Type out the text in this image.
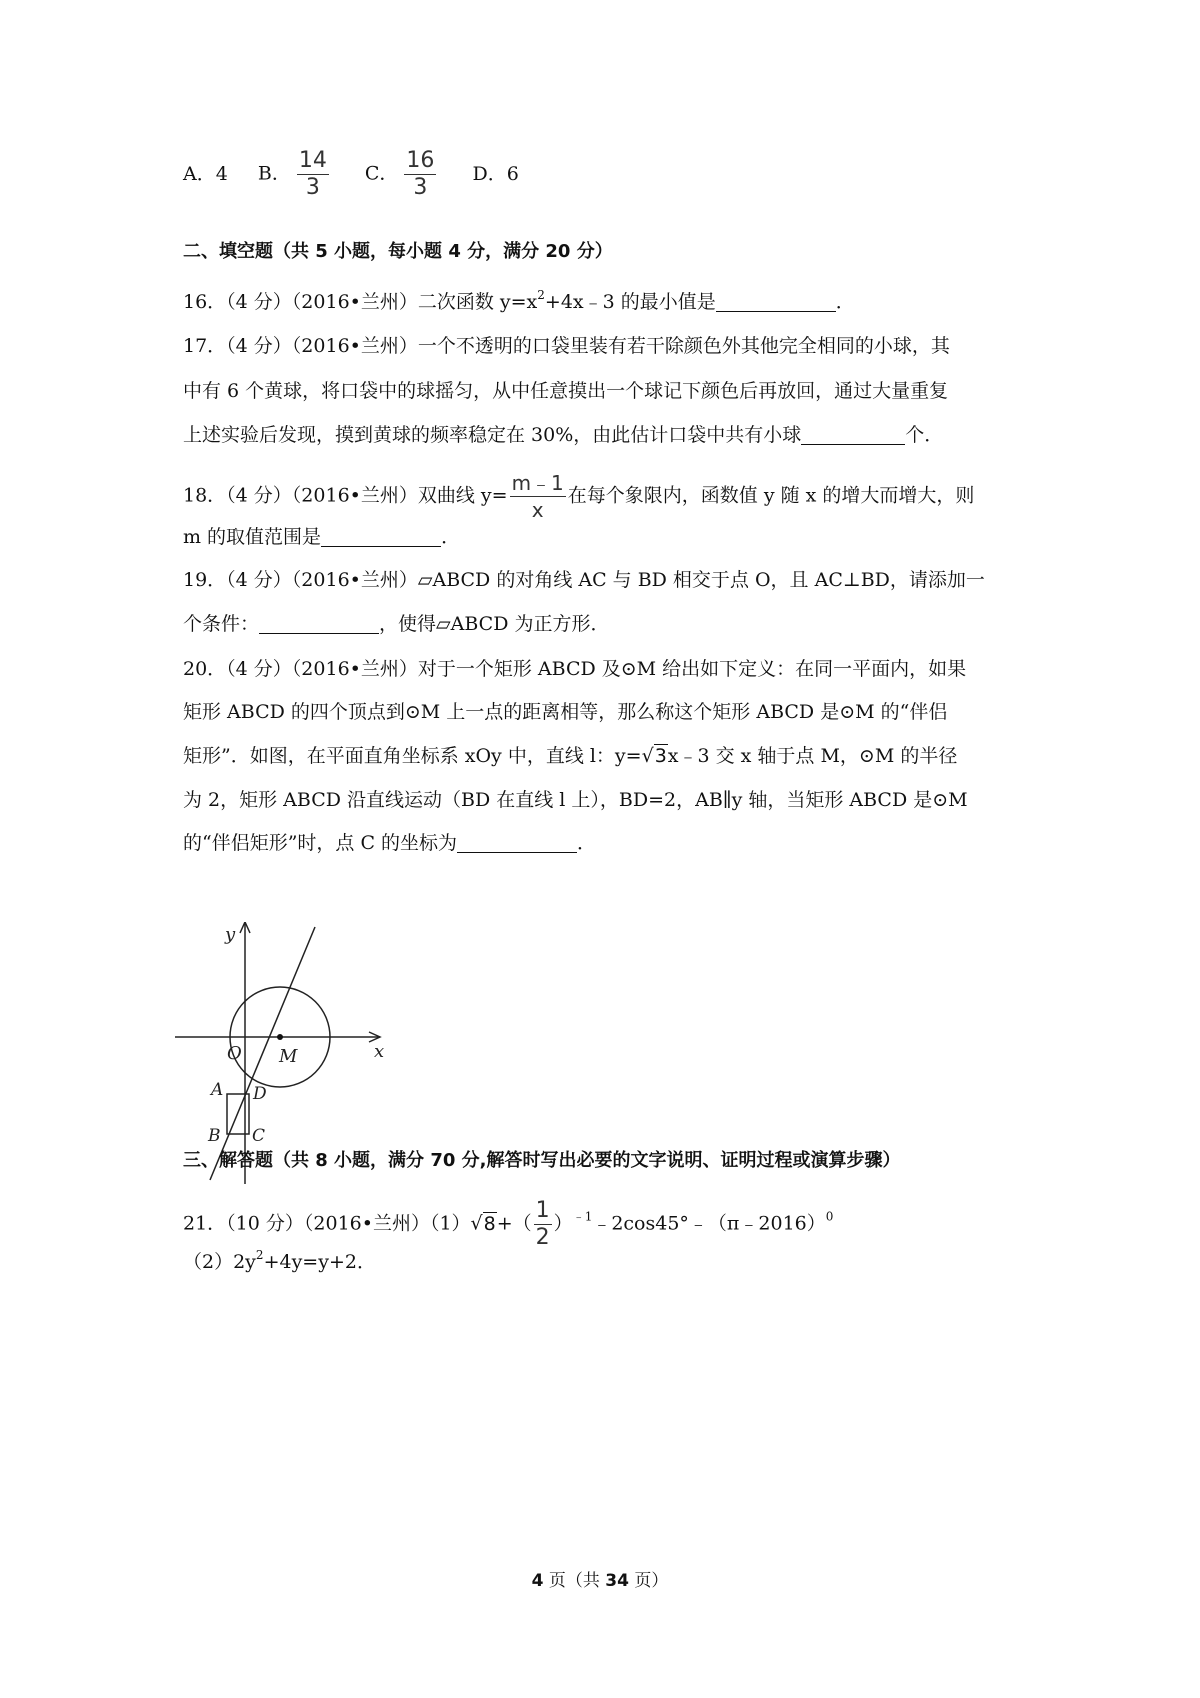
A．4 B． $\frac{14}{3}$ C． $\frac{16}{3}$ D．6
二、填空题（共 5 小题，每小题 4 分，满分 20 分）
16．（4 分）（2016•兰州）二次函数 $y=x^2+4x﹣3$ 的最小值是	．
17．（4 分）（2016•兰州）一个不透明的口袋里装有若干除颜色外其他完全相同的小球，其
中有 6 个黄球，将口袋中的球摇匀，从中任意摸出一个球记下颜色后再放回，通过大量重复
上述实验后发现，摸到黄球的频率稳定在 30%，由此估计口袋中共有小球	个．
18．（4 分）（2016•兰州）双曲线 $y= \frac{m﹣1}{x}$ 在每个象限内，函数值 y 随 x 的增大而增大，则
m 的取值范围是	．
19．（4 分）（2016•兰州）▱ABCD 的对角线 AC 与 BD 相交于点 O，且 AC⊥BD，请添加一
个条件：	，使得▱ABCD 为正方形．
20．（4 分）（2016•兰州）对于一个矩形 ABCD 及⊙M 给出如下定义：在同一平面内，如果
矩形 ABCD 的四个顶点到⊙M 上一点的距离相等，那么称这个矩形 ABCD 是⊙M 的“伴侣
矩形”．如图，在平面直角坐标系 xOy 中，直线 l：y=√3x﹣3 交 x 轴于点 M，⊙M 的半径
为 2，矩形 ABCD 沿直线运动（BD 在直线 l 上），BD=2，AB∥y 轴，当矩形 ABCD 是⊙M
的“伴侣矩形”时，点 C 的坐标为	．
y
x
O M
A D
B C
三、解答题（共 8 小题，满分 70 分,解答时写出必要的文字说明、证明过程或演算步骤）
21．（10 分）（2016•兰州）$(1)√8+( \frac{1}{2}$ ）$^{﹣1}﹣2\cos 45^\circ﹣(\pi﹣2016)^0$
$(2)2y^2+4y=y+2$．
4 页（共 34 页）
